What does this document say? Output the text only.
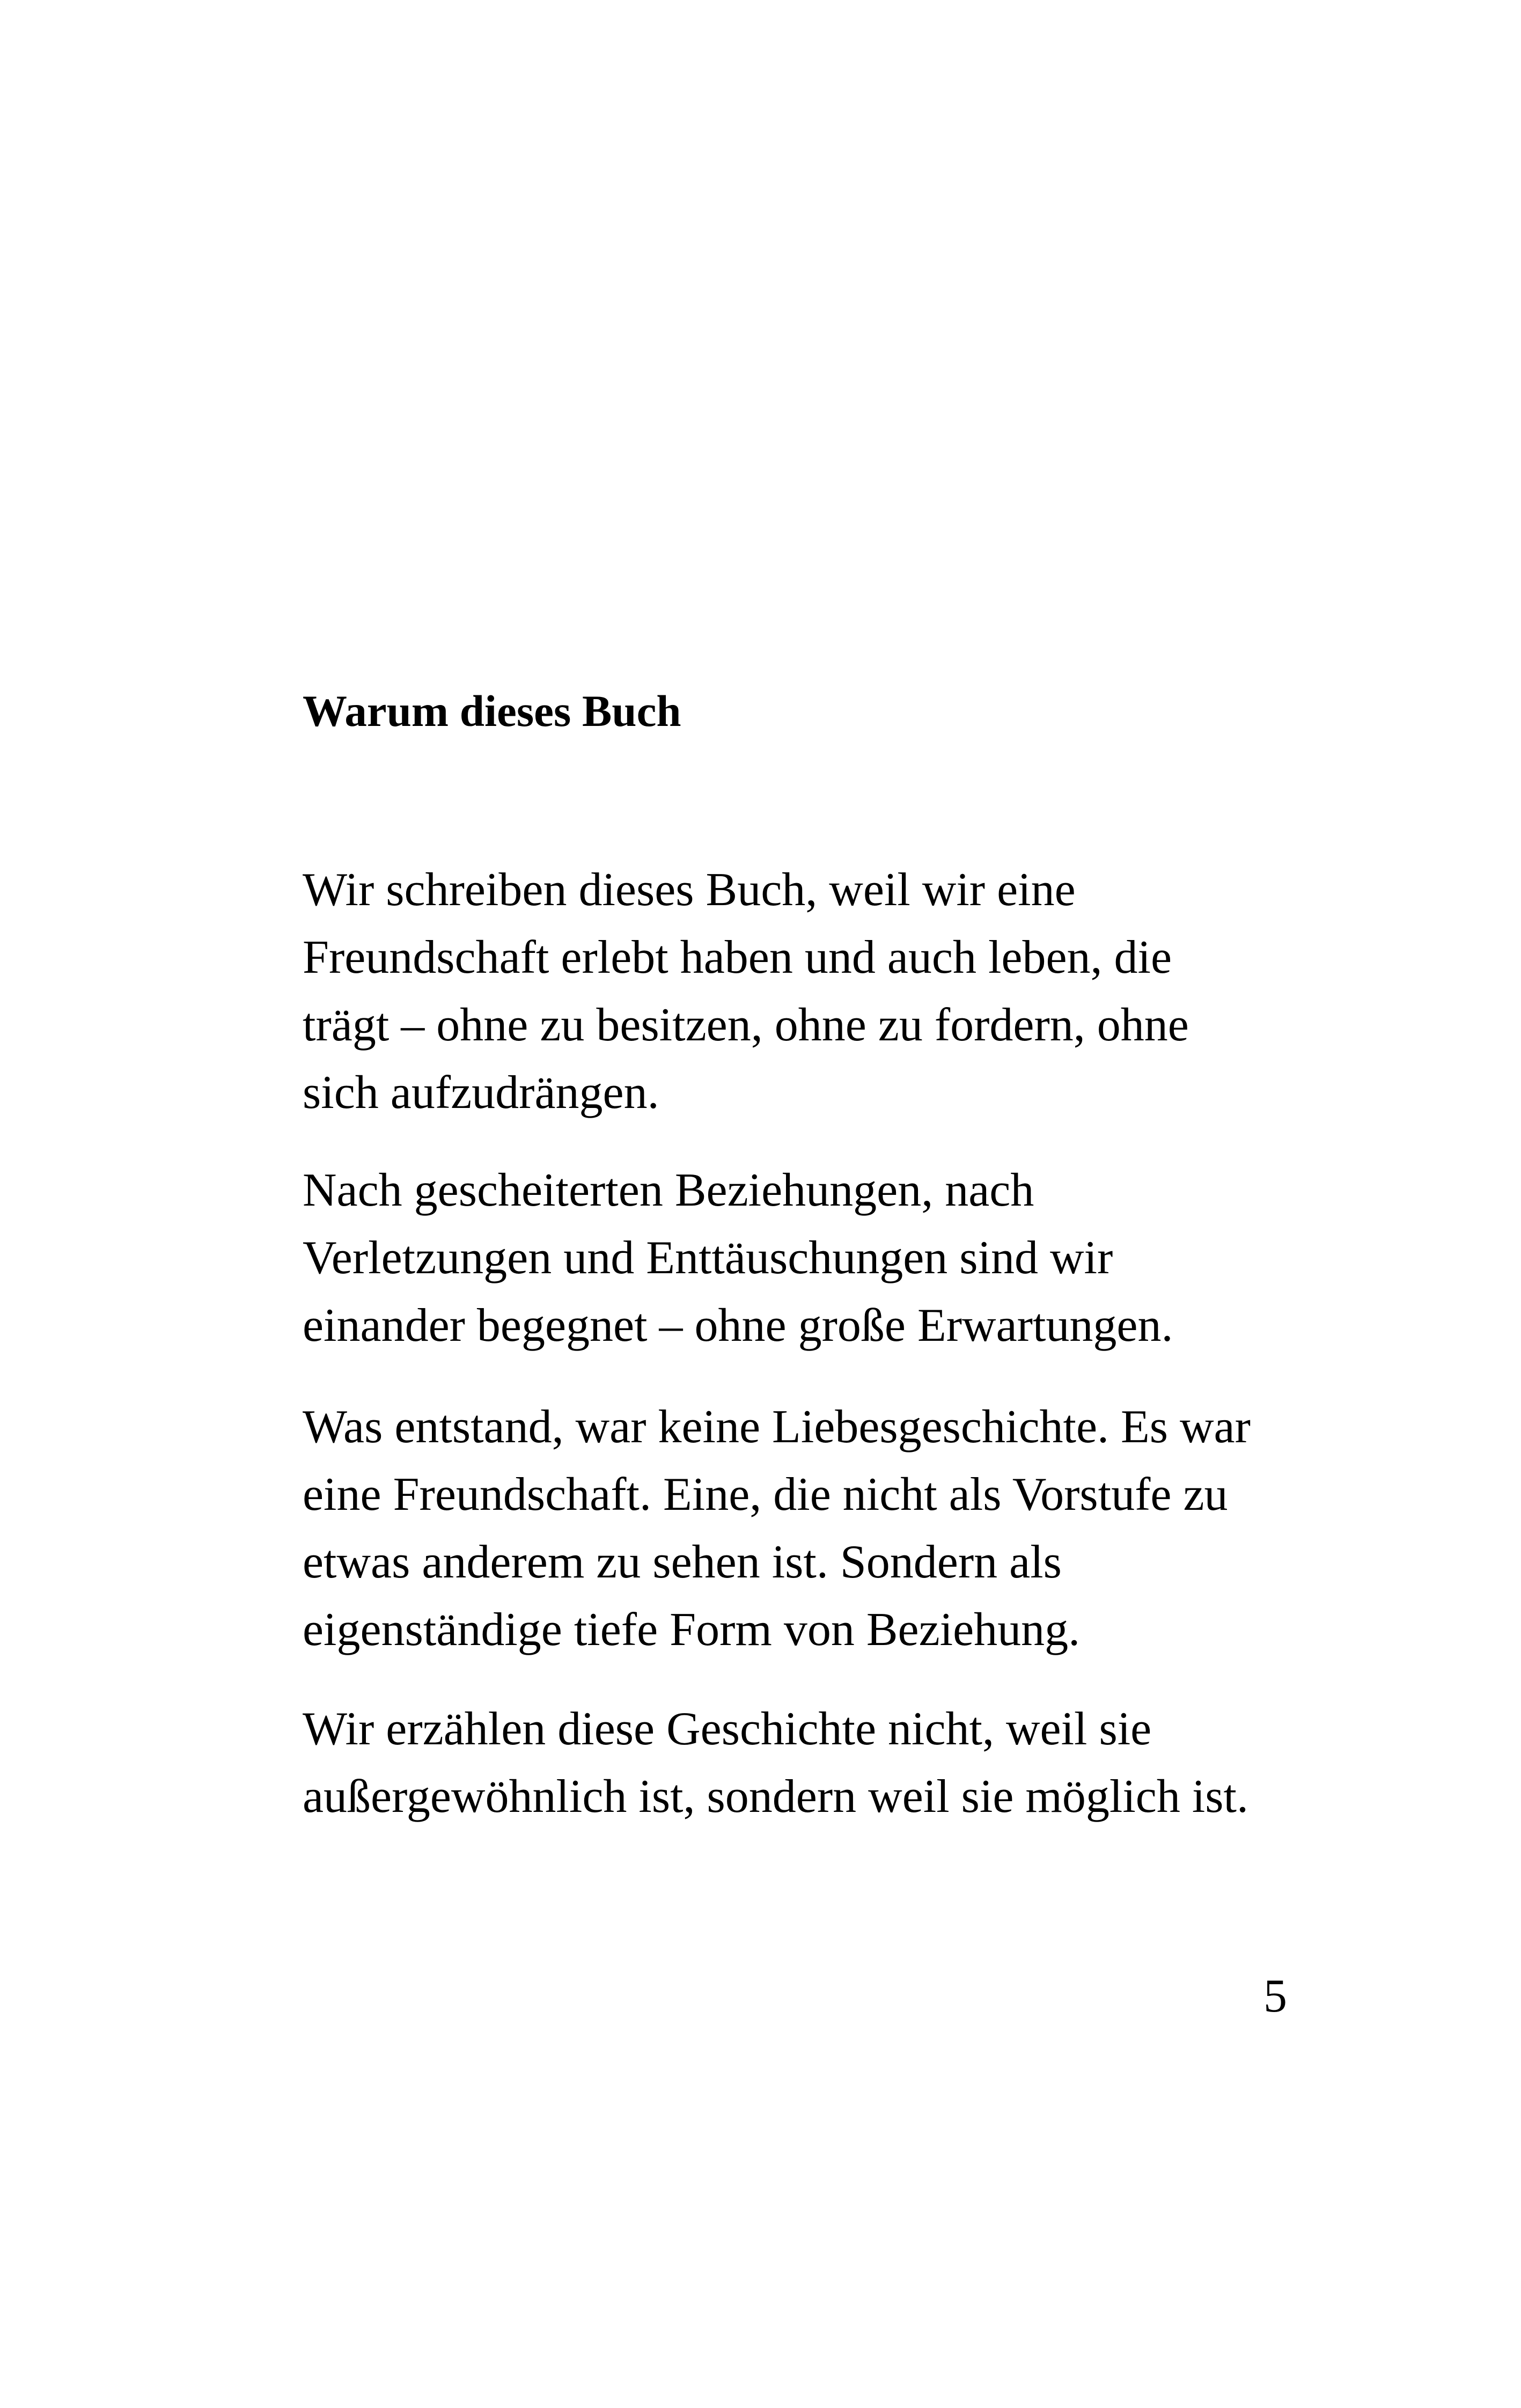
Warum dieses Buch

Wir schreiben dieses Buch, weil wir eine
Freundschaft erlebt haben und auch leben, die
trägt – ohne zu besitzen, ohne zu fordern, ohne
sich aufzudrängen.

Nach gescheiterten Beziehungen, nach
Verletzungen und Enttäuschungen sind wir
einander begegnet – ohne große Erwartungen.

Was entstand, war keine Liebesgeschichte. Es war
eine Freundschaft. Eine, die nicht als Vorstufe zu
etwas anderem zu sehen ist. Sondern als
eigenständige tiefe Form von Beziehung.

Wir erzählen diese Geschichte nicht, weil sie
außergewöhnlich ist, sondern weil sie möglich ist.

5
